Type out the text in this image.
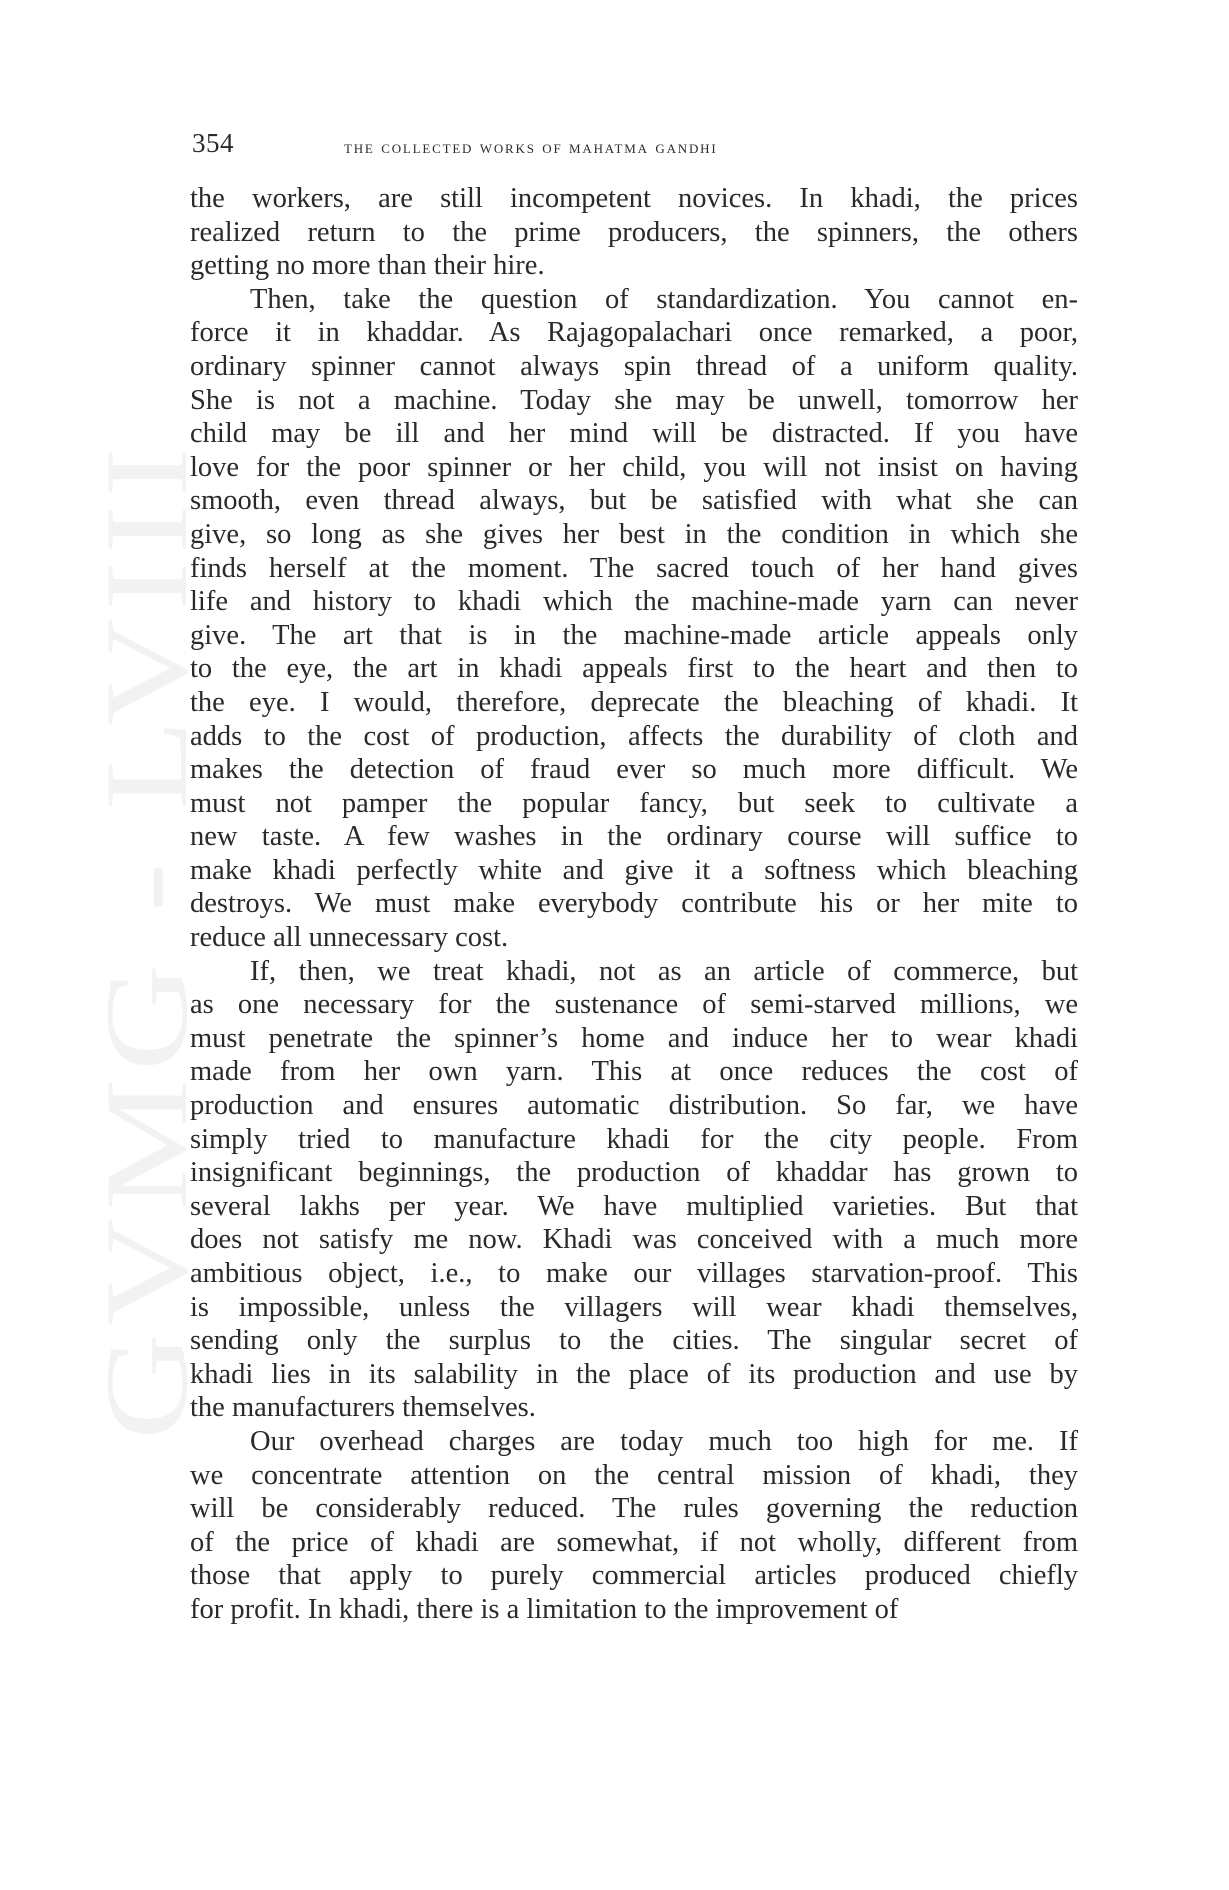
GVMG - LVIII
354	the collected works of mahatma gandhi
the workers, are still incompetent novices. In khadi, the prices
realized return to the prime producers, the spinners, the others
getting no more than their hire.
Then, take the question of standardization. You cannot en-
force it in khaddar. As Rajagopalachari once remarked, a poor,
ordinary spinner cannot always spin thread of a uniform quality.
She is not a machine. Today she may be unwell, tomorrow her
child may be ill and her mind will be distracted. If you have
love for the poor spinner or her child, you will not insist on having
smooth, even thread always, but be satisfied with what she can
give, so long as she gives her best in the condition in which she
finds herself at the moment. The sacred touch of her hand gives
life and history to khadi which the machine-made yarn can never
give. The art that is in the machine-made article appeals only
to the eye, the art in khadi appeals first to the heart and then to
the eye. I would, therefore, deprecate the bleaching of khadi. It
adds to the cost of production, affects the durability of cloth and
makes the detection of fraud ever so much more difficult. We
must not pamper the popular fancy, but seek to cultivate a
new taste. A few washes in the ordinary course will suffice to
make khadi perfectly white and give it a softness which bleaching
destroys. We must make everybody contribute his or her mite to
reduce all unnecessary cost.
If, then, we treat khadi, not as an article of commerce, but
as one necessary for the sustenance of semi-starved millions, we
must penetrate the spinner’s home and induce her to wear khadi
made from her own yarn. This at once reduces the cost of
production and ensures automatic distribution. So far, we have
simply tried to manufacture khadi for the city people. From
insignificant beginnings, the production of khaddar has grown to
several lakhs per year. We have multiplied varieties. But that
does not satisfy me now. Khadi was conceived with a much more
ambitious object, i.e., to make our villages starvation-proof. This
is impossible, unless the villagers will wear khadi themselves,
sending only the surplus to the cities. The singular secret of
khadi lies in its salability in the place of its production and use by
the manufacturers themselves.
Our overhead charges are today much too high for me. If
we concentrate attention on the central mission of khadi, they
will be considerably reduced. The rules governing the reduction
of the price of khadi are somewhat, if not wholly, different from
those that apply to purely commercial articles produced chiefly
for profit. In khadi, there is a limitation to the improvement of
